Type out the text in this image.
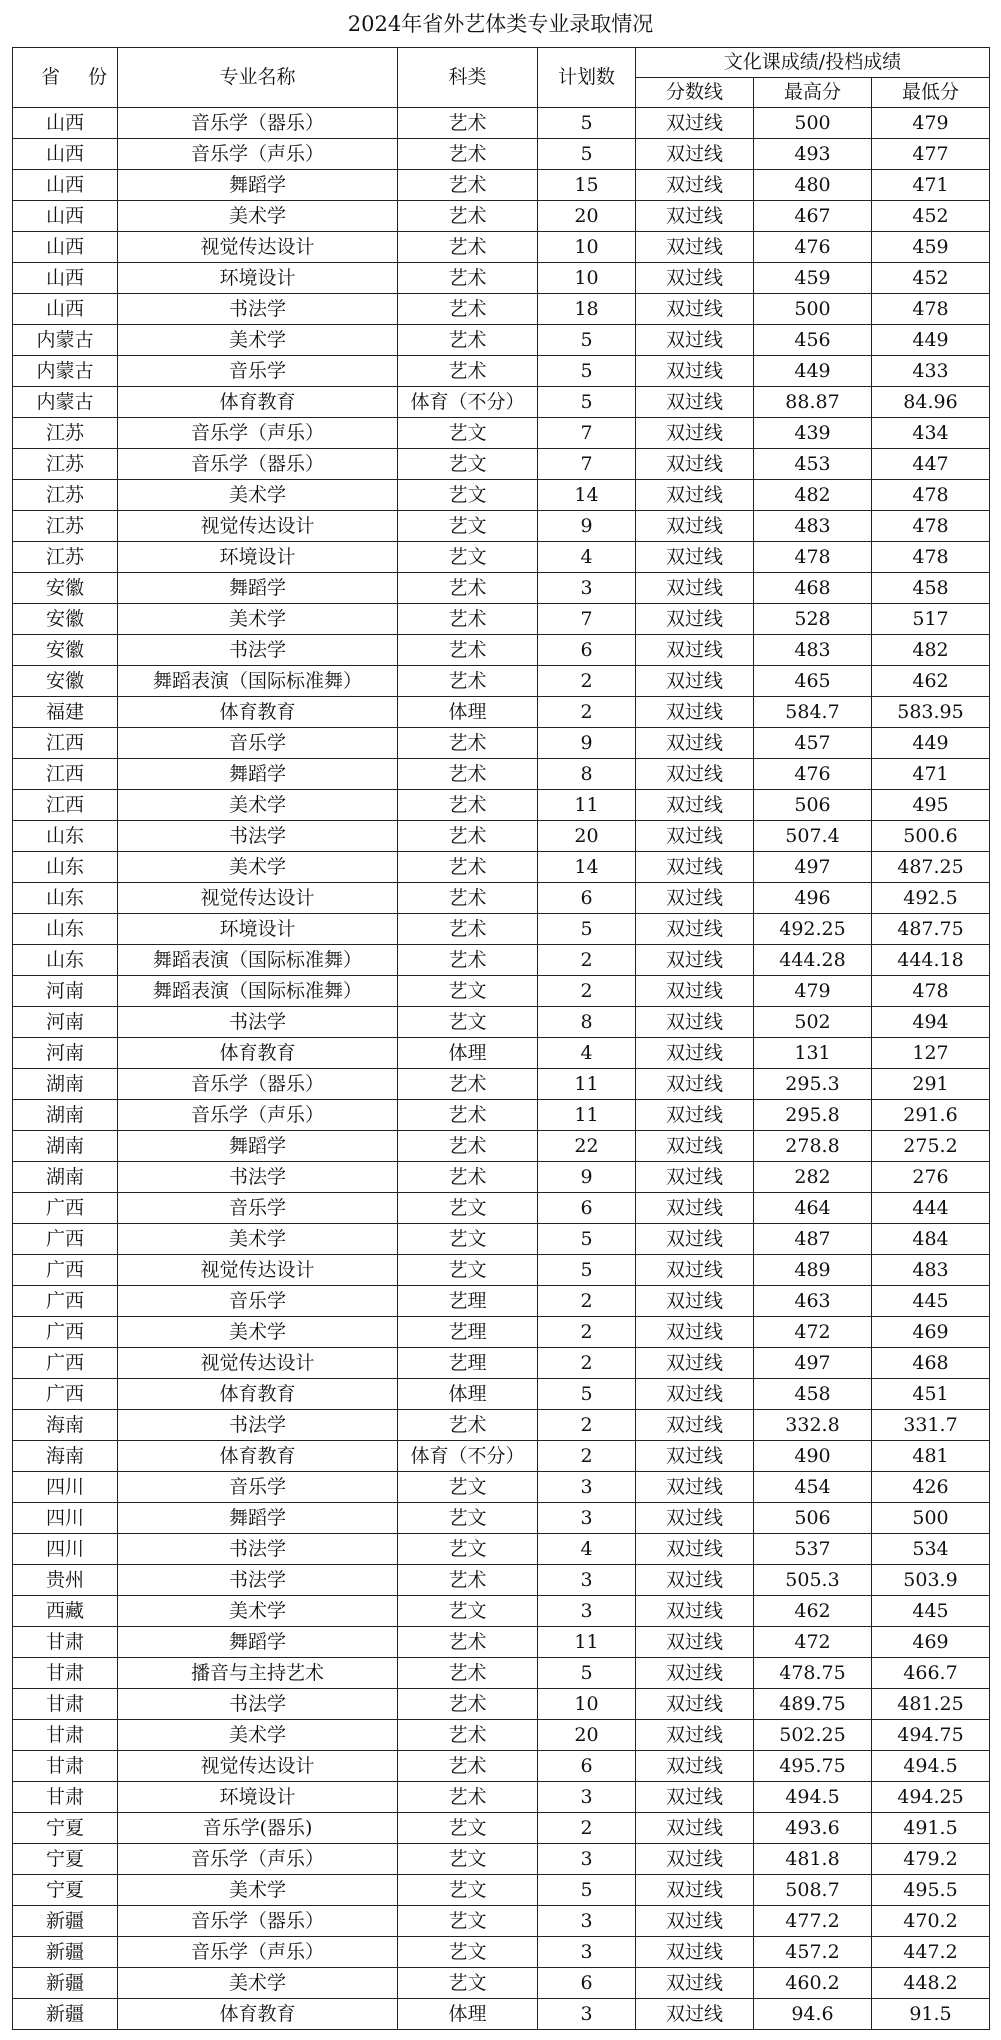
2024年省外艺体类专业录取情况
省份	专业名称	科类	计划数	文化课成绩/投档成绩		
				分数线	最高分	最低分
山西	音乐学（器乐）	艺术	5	双过线	500	479
山西	音乐学（声乐）	艺术	5	双过线	493	477
山西	舞蹈学	艺术	15	双过线	480	471
山西	美术学	艺术	20	双过线	467	452
山西	视觉传达设计	艺术	10	双过线	476	459
山西	环境设计	艺术	10	双过线	459	452
山西	书法学	艺术	18	双过线	500	478
内蒙古	美术学	艺术	5	双过线	456	449
内蒙古	音乐学	艺术	5	双过线	449	433
内蒙古	体育教育	体育（不分）	5	双过线	88.87	84.96
江苏	音乐学（声乐）	艺文	7	双过线	439	434
江苏	音乐学（器乐）	艺文	7	双过线	453	447
江苏	美术学	艺文	14	双过线	482	478
江苏	视觉传达设计	艺文	9	双过线	483	478
江苏	环境设计	艺文	4	双过线	478	478
安徽	舞蹈学	艺术	3	双过线	468	458
安徽	美术学	艺术	7	双过线	528	517
安徽	书法学	艺术	6	双过线	483	482
安徽	舞蹈表演（国际标准舞）	艺术	2	双过线	465	462
福建	体育教育	体理	2	双过线	584.7	583.95
江西	音乐学	艺术	9	双过线	457	449
江西	舞蹈学	艺术	8	双过线	476	471
江西	美术学	艺术	11	双过线	506	495
山东	书法学	艺术	20	双过线	507.4	500.6
山东	美术学	艺术	14	双过线	497	487.25
山东	视觉传达设计	艺术	6	双过线	496	492.5
山东	环境设计	艺术	5	双过线	492.25	487.75
山东	舞蹈表演（国际标准舞）	艺术	2	双过线	444.28	444.18
河南	舞蹈表演（国际标准舞）	艺文	2	双过线	479	478
河南	书法学	艺文	8	双过线	502	494
河南	体育教育	体理	4	双过线	131	127
湖南	音乐学（器乐）	艺术	11	双过线	295.3	291
湖南	音乐学（声乐）	艺术	11	双过线	295.8	291.6
湖南	舞蹈学	艺术	22	双过线	278.8	275.2
湖南	书法学	艺术	9	双过线	282	276
广西	音乐学	艺文	6	双过线	464	444
广西	美术学	艺文	5	双过线	487	484
广西	视觉传达设计	艺文	5	双过线	489	483
广西	音乐学	艺理	2	双过线	463	445
广西	美术学	艺理	2	双过线	472	469
广西	视觉传达设计	艺理	2	双过线	497	468
广西	体育教育	体理	5	双过线	458	451
海南	书法学	艺术	2	双过线	332.8	331.7
海南	体育教育	体育（不分）	2	双过线	490	481
四川	音乐学	艺文	3	双过线	454	426
四川	舞蹈学	艺文	3	双过线	506	500
四川	书法学	艺文	4	双过线	537	534
贵州	书法学	艺术	3	双过线	505.3	503.9
西藏	美术学	艺文	3	双过线	462	445
甘肃	舞蹈学	艺术	11	双过线	472	469
甘肃	播音与主持艺术	艺术	5	双过线	478.75	466.7
甘肃	书法学	艺术	10	双过线	489.75	481.25
甘肃	美术学	艺术	20	双过线	502.25	494.75
甘肃	视觉传达设计	艺术	6	双过线	495.75	494.5
甘肃	环境设计	艺术	3	双过线	494.5	494.25
宁夏	音乐学(器乐)	艺文	2	双过线	493.6	491.5
宁夏	音乐学（声乐）	艺文	3	双过线	481.8	479.2
宁夏	美术学	艺文	5	双过线	508.7	495.5
新疆	音乐学（器乐）	艺文	3	双过线	477.2	470.2
新疆	音乐学（声乐）	艺文	3	双过线	457.2	447.2
新疆	美术学	艺文	6	双过线	460.2	448.2
新疆	体育教育	体理	3	双过线	94.6	91.5
